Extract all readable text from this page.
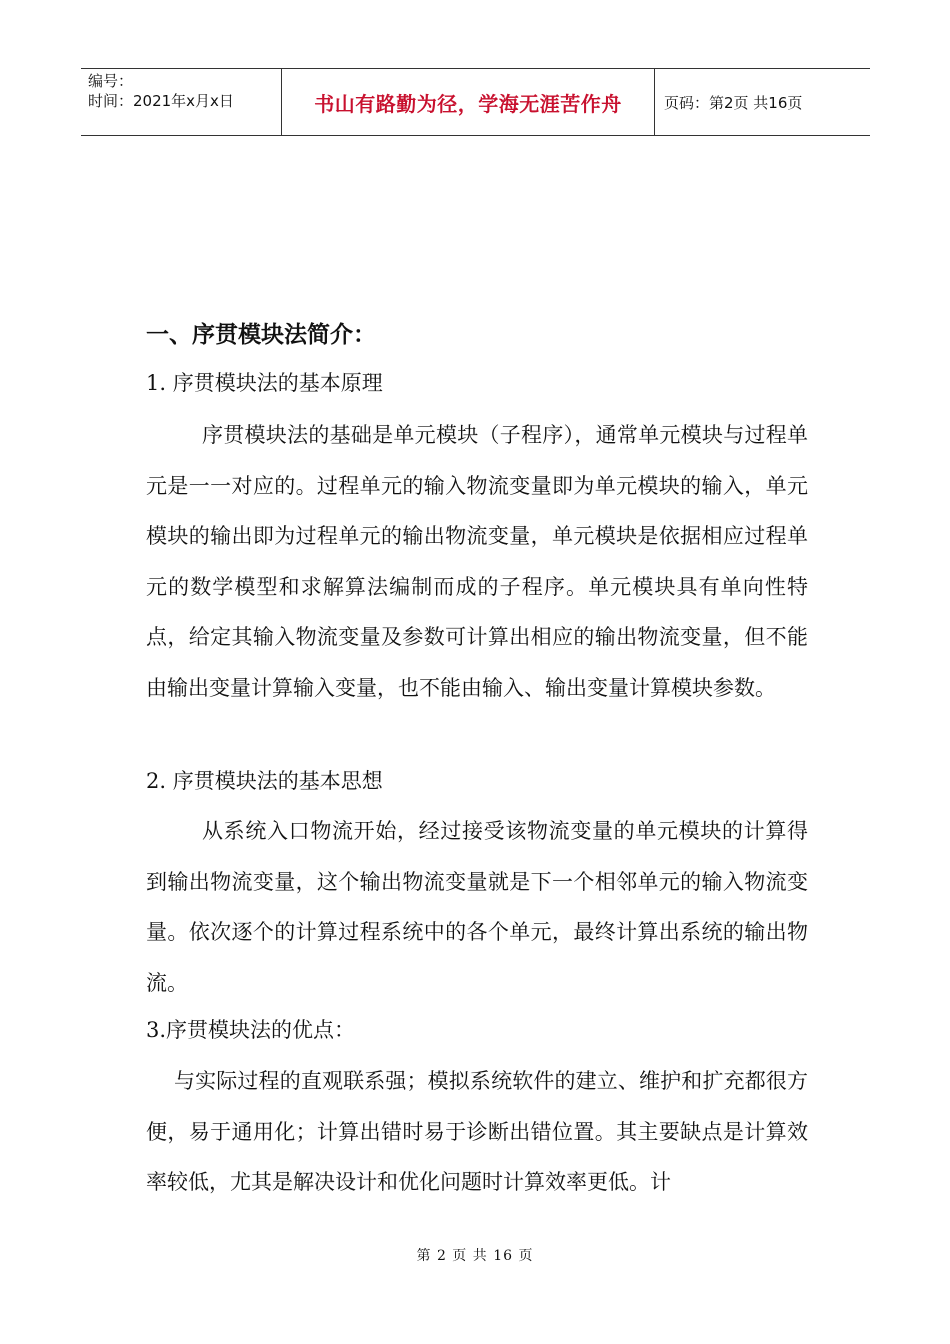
编号：
时间：2021年x月x日	书山有路勤为径，学海无涯苦作舟	页码：第2页 共16页
一、序贯模块法简介：
1. 序贯模块法的基本原理

序贯模块法的基础是单元模块（子程序），通常单元模块与过程单元是一一对应的。过程单元的输入物流变量即为单元模块的输入，单元模块的输出即为过程单元的输出物流变量，单元模块是依据相应过程单元的数学模型和求解算法编制而成的子程序。单元模块具有单向性特点，给定其输入物流变量及参数可计算出相应的输出物流变量，但不能由输出变量计算输入变量，也不能由输入、输出变量计算模块参数。

2. 序贯模块法的基本思想

从系统入口物流开始，经过接受该物流变量的单元模块的计算得到输出物流变量，这个输出物流变量就是下一个相邻单元的输入物流变量。依次逐个的计算过程系统中的各个单元，最终计算出系统的输出物流。

3.序贯模块法的优点：

与实际过程的直观联系强；模拟系统软件的建立、维护和扩充都很方便，易于通用化；计算出错时易于诊断出错位置。其主要缺点是计算效率较低，尤其是解决设计和优化问题时计算效率更低。计

第 2 页 共 16 页
